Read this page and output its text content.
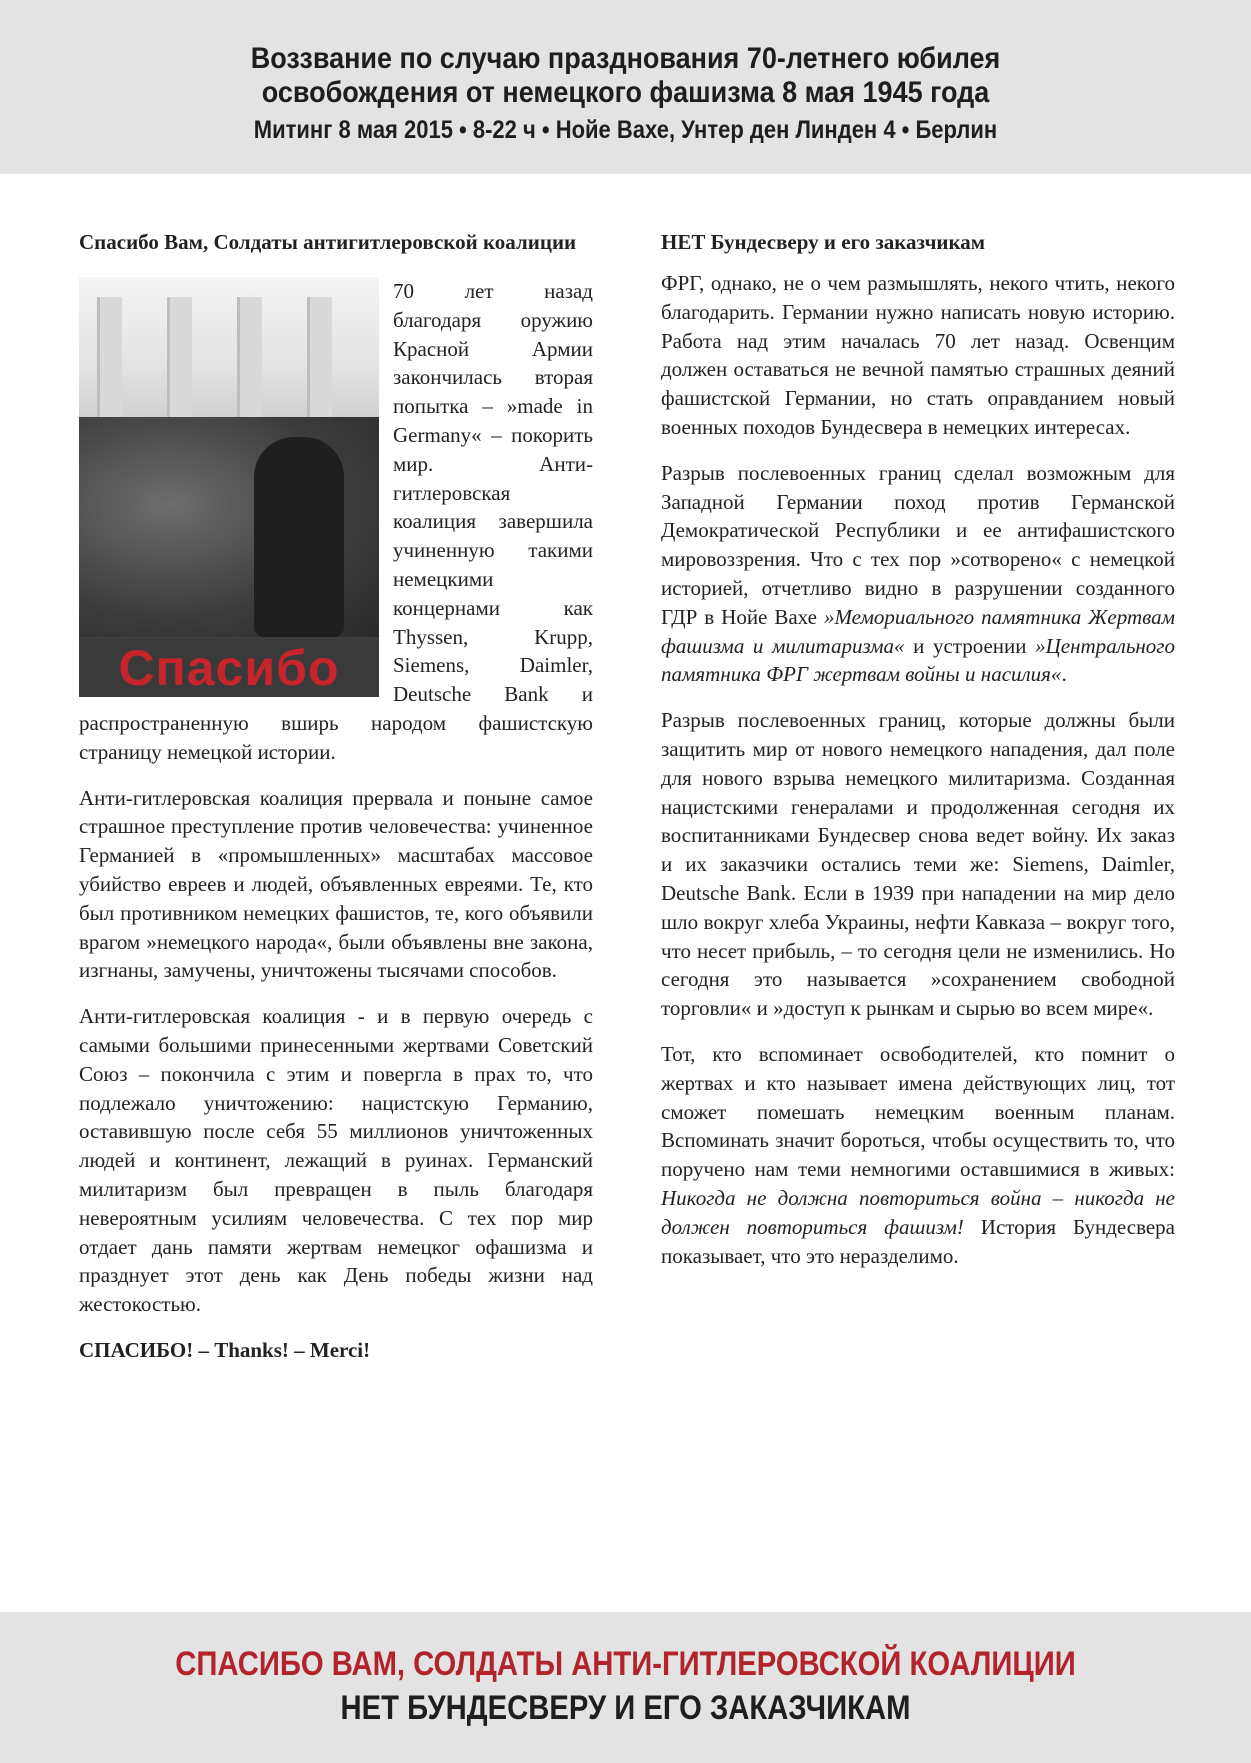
Воззвание по случаю празднования 70-летнего юбилея
освобождения от немецкого фашизма 8 мая 1945 года
Митинг 8 мая 2015 • 8-22 ч • Нойе Вахе, Унтер ден Линден 4 • Берлин
Спасибо Вам, Солдаты антигитлеровской коалиции
Спасибо

70 лет назад благодаря оружию Красной Армии закончилась вторая попытка – »made in Germany« – покорить мир. Анти-гитлеровская коалиция завершила учиненную такими немецкими концернами как Thyssen, Krupp, Siemens, Daimler, Deutsche Bank и распространенную вширь народом фашистскую страницу немецкой истории.

Анти-гитлеровская коалиция прервала и поныне самое страшное преступление против человечества: учиненное Германией в «промышленных» масштабах массовое убийство евреев и людей, объявленных евреями. Те, кто был противником немецких фашистов, те, кого объявили врагом »немецкого народа«, были объявлены вне закона, изгнаны, замучены, уничтожены тысячами способов.

Анти-гитлеровская коалиция - и в первую очередь с самыми большими принесенными жертвами Советский Союз – покончила с этим и повергла в прах то, что подлежало уничтожению: нацистскую Германию, оставившую после себя 55 миллионов уничтоженных людей и континент, лежащий в руинах. Германский милитаризм был превращен в пыль благодаря невероятным усилиям человечества. С тех пор мир отдает дань памяти жертвам немецког офашизма и празднует этот день как День победы жизни над жестокостью.

СПАСИБО! – Thanks! – Merci!

НЕТ Бундесверу и его заказчикам

ФРГ, однако, не о чем размышлять, некого чтить, некого благодарить. Германии нужно написать новую историю. Работа над этим началась 70 лет назад. Освенцим должен оставаться не вечной памятью страшных деяний фашистской Германии, но стать оправданием новый военных походов Бундесвера в немецких интересах.

Разрыв послевоенных границ сделал возможным для Западной Германии поход против Германской Демократической Республики и ее антифашистского мировоззрения. Что с тех пор »сотворено« с немецкой историей, отчетливо видно в разрушении созданного ГДР в Нойе Вахе »Мемориального памятника Жертвам фашизма и милитаризма« и устроении »Центрального памятника ФРГ жертвам войны и насилия«.

Разрыв послевоенных границ, которые должны были защитить мир от нового немецкого нападения, дал поле для нового взрыва немецкого милитаризма. Созданная нацистскими генералами и продолженная сегодня их воспитанниками Бундесвер снова ведет войну. Их заказ и их заказчики остались теми же: Siemens, Daimler, Deutsche Bank. Если в 1939 при нападении на мир дело шло вокруг хлеба Украины, нефти Кавказа – вокруг того, что несет прибыль, – то сегодня цели не изменились. Но сегодня это называется »сохранением свободной торговли« и »доступ к рынкам и сырью во всем мире«.

Тот, кто вспоминает освободителей, кто помнит о жертвах и кто называет имена действующих лиц, тот сможет помешать немецким военным планам. Вспоминать значит бороться, чтобы осуществить то, что поручено нам теми немногими оставшимися в живых: Никогда не должна повториться война – никогда не должен повториться фашизм! История Бундесвера показывает, что это неразделимо.

СПАСИБО ВАМ, СОЛДАТЫ АНТИ-ГИТЛЕРОВСКОЙ КОАЛИЦИИ
НЕТ БУНДЕСВЕРУ И ЕГО ЗАКАЗЧИКАМ
